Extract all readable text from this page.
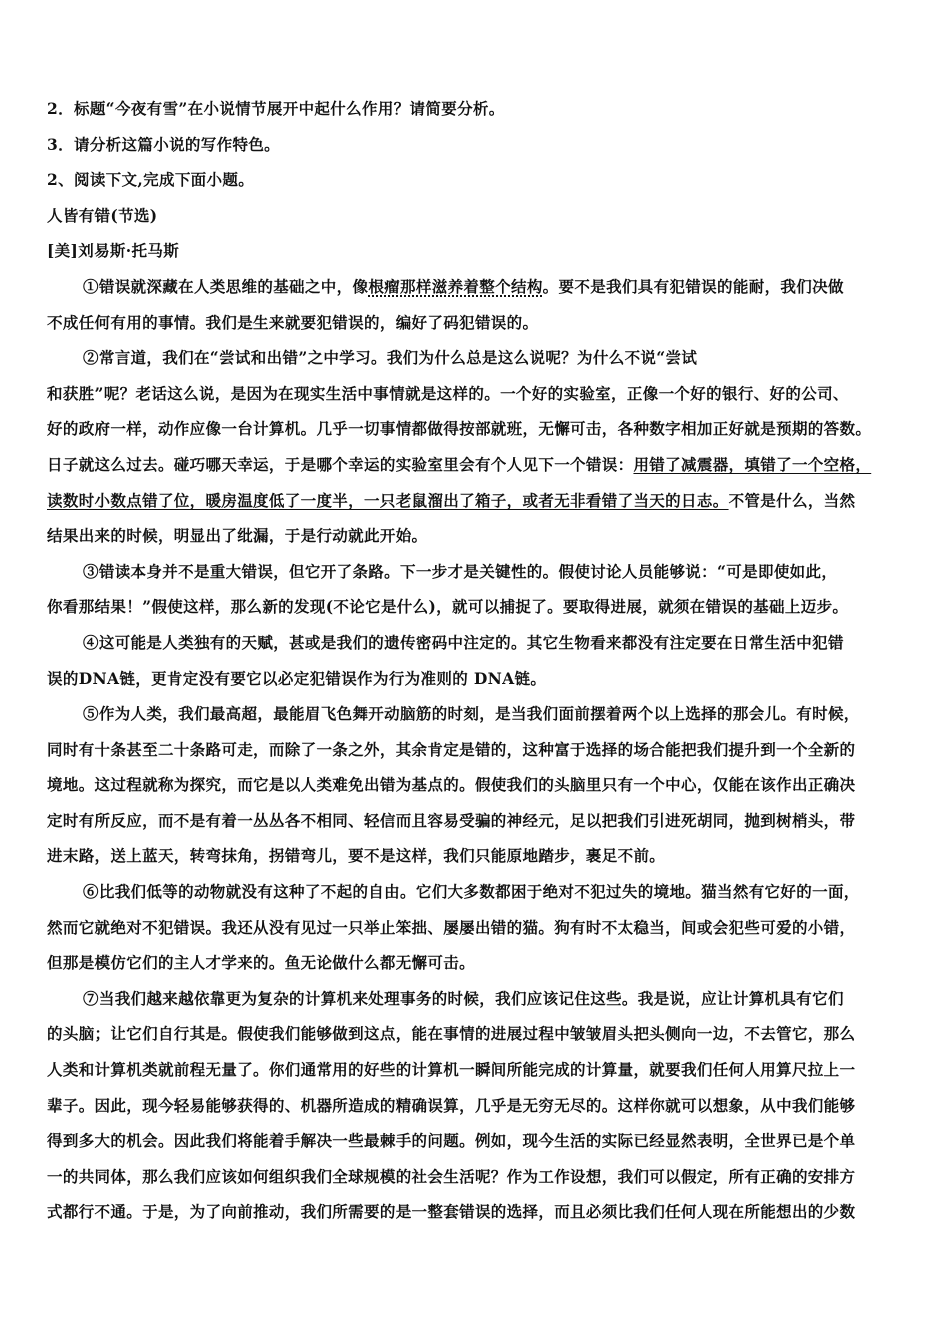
2．标题“今夜有雪”在小说情节展开中起什么作用？请简要分析。
3．请分析这篇小说的写作特色。
2、阅读下文,完成下面小题。
人皆有错(节选)
[美]刘易斯·托马斯
①错误就深藏在人类思维的基础之中，像根瘤那样滋养着整个结构。要不是我们具有犯错误的能耐，我们决做
不成任何有用的事情。我们是生来就要犯错误的，编好了码犯错误的。
②常言道，我们在“尝试和出错”之中学习。我们为什么总是这么说呢？为什么不说“尝试
和获胜”呢？老话这么说，是因为在现实生活中事情就是这样的。一个好的实验室，正像一个好的银行、好的公司、
好的政府一样，动作应像一台计算机。几乎一切事情都做得按部就班，无懈可击，各种数字相加正好就是预期的答数。
日子就这么过去。碰巧哪天幸运，于是哪个幸运的实验室里会有个人见下一个错误：用错了减震器，填错了一个空格，
读数时小数点错了位，暖房温度低了一度半，一只老鼠溜出了箱子，或者无非看错了当天的日志。不管是什么，当然
结果出来的时候，明显出了纰漏，于是行动就此开始。
③错读本身并不是重大错误，但它开了条路。下一步才是关键性的。假使讨论人员能够说：“可是即使如此，
你看那结果！”假使这样，那么新的发现(不论它是什么)，就可以捕捉了。要取得进展，就须在错误的基础上迈步。
④这可能是人类独有的天赋，甚或是我们的遗传密码中注定的。其它生物看来都没有注定要在日常生活中犯错
误的DNA链，更肯定没有要它以必定犯错误作为行为准则的 DNA链。
⑤作为人类，我们最高超，最能眉飞色舞开动脑筋的时刻，是当我们面前摆着两个以上选择的那会儿。有时候，
同时有十条甚至二十条路可走，而除了一条之外，其余肯定是错的，这种富于选择的场合能把我们提升到一个全新的
境地。这过程就称为探究，而它是以人类难免出错为基点的。假使我们的头脑里只有一个中心，仅能在该作出正确决
定时有所反应，而不是有着一丛丛各不相同、轻信而且容易受骗的神经元，足以把我们引进死胡同，抛到树梢头，带
进末路，送上蓝天，转弯抹角，拐错弯儿，要不是这样，我们只能原地踏步，裹足不前。
⑥比我们低等的动物就没有这种了不起的自由。它们大多数都困于绝对不犯过失的境地。猫当然有它好的一面，
然而它就绝对不犯错误。我还从没有见过一只举止笨拙、屡屡出错的猫。狗有时不太稳当，间或会犯些可爱的小错，
但那是模仿它们的主人才学来的。鱼无论做什么都无懈可击。
⑦当我们越来越依靠更为复杂的计算机来处理事务的时候，我们应该记住这些。我是说，应让计算机具有它们
的头脑；让它们自行其是。假使我们能够做到这点，能在事情的进展过程中皱皱眉头把头侧向一边，不去管它，那么
人类和计算机类就前程无量了。你们通常用的好些的计算机一瞬间所能完成的计算量，就要我们任何人用算尺拉上一
辈子。因此，现今轻易能够获得的、机器所造成的精确误算，几乎是无穷无尽的。这样你就可以想象，从中我们能够
得到多大的机会。因此我们将能着手解决一些最棘手的问题。例如，现今生活的实际已经显然表明，全世界已是个单
一的共同体，那么我们应该如何组织我们全球规模的社会生活呢？作为工作设想，我们可以假定，所有正确的安排方
式都行不通。于是，为了向前推动，我们所需要的是一整套错误的选择，而且必须比我们任何人现在所能想出的少数
